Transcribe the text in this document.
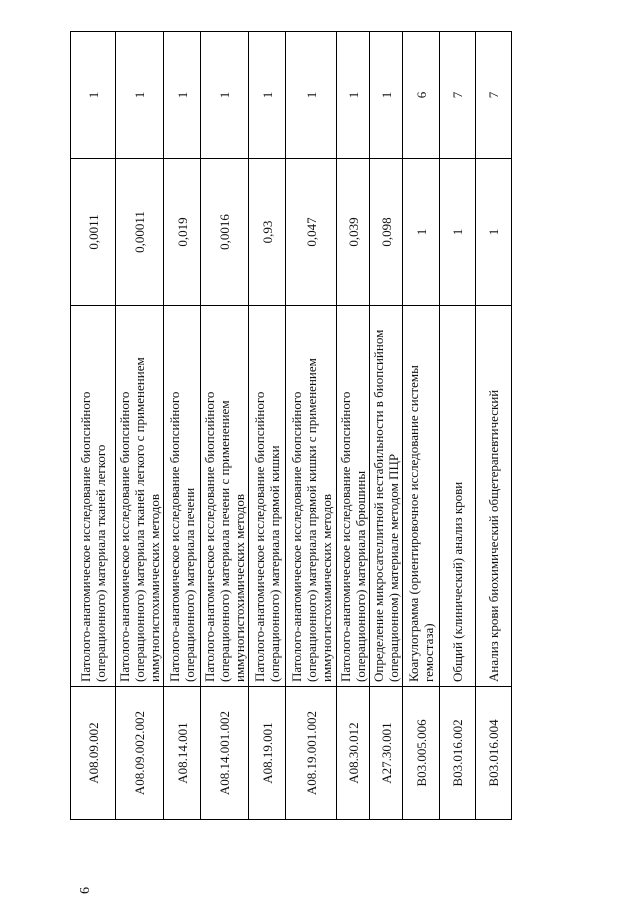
6
A08.09.002	Патолого-анатомическое исследование биопсийного (операционного) материала тканей легкого	0,0011	1
A08.09.002.002	Патолого-анатомическое исследование биопсийного (операционного) материала тканей легкого с применением иммуногистохимических методов	0,00011	1
A08.14.001	Патолого-анатомическое исследование биопсийного (операционного) материала печени	0,019	1
A08.14.001.002	Патолого-анатомическое исследование биопсийного (операционного) материала печени с применением иммуногистохимических методов	0,0016	1
A08.19.001	Патолого-анатомическое исследование биопсийного (операционного) материала прямой кишки	0,93	1
A08.19.001.002	Патолого-анатомическое исследование биопсийного (операционного) материала прямой кишки с применением иммуногистохимических методов	0,047	1
A08.30.012	Патолого-анатомическое исследование биопсийного (операционного) материала брюшины	0,039	1
A27.30.001	Определение микросателлитной нестабильности в биопсийном (операционном) материале методом ПЦР	0,098	1
B03.005.006	Коагулограмма (ориентировочное исследование системы гемостаза)	1	6
B03.016.002	Общий (клинический) анализ крови	1	7
B03.016.004	Анализ крови биохимический общетерапевтический	1	7
